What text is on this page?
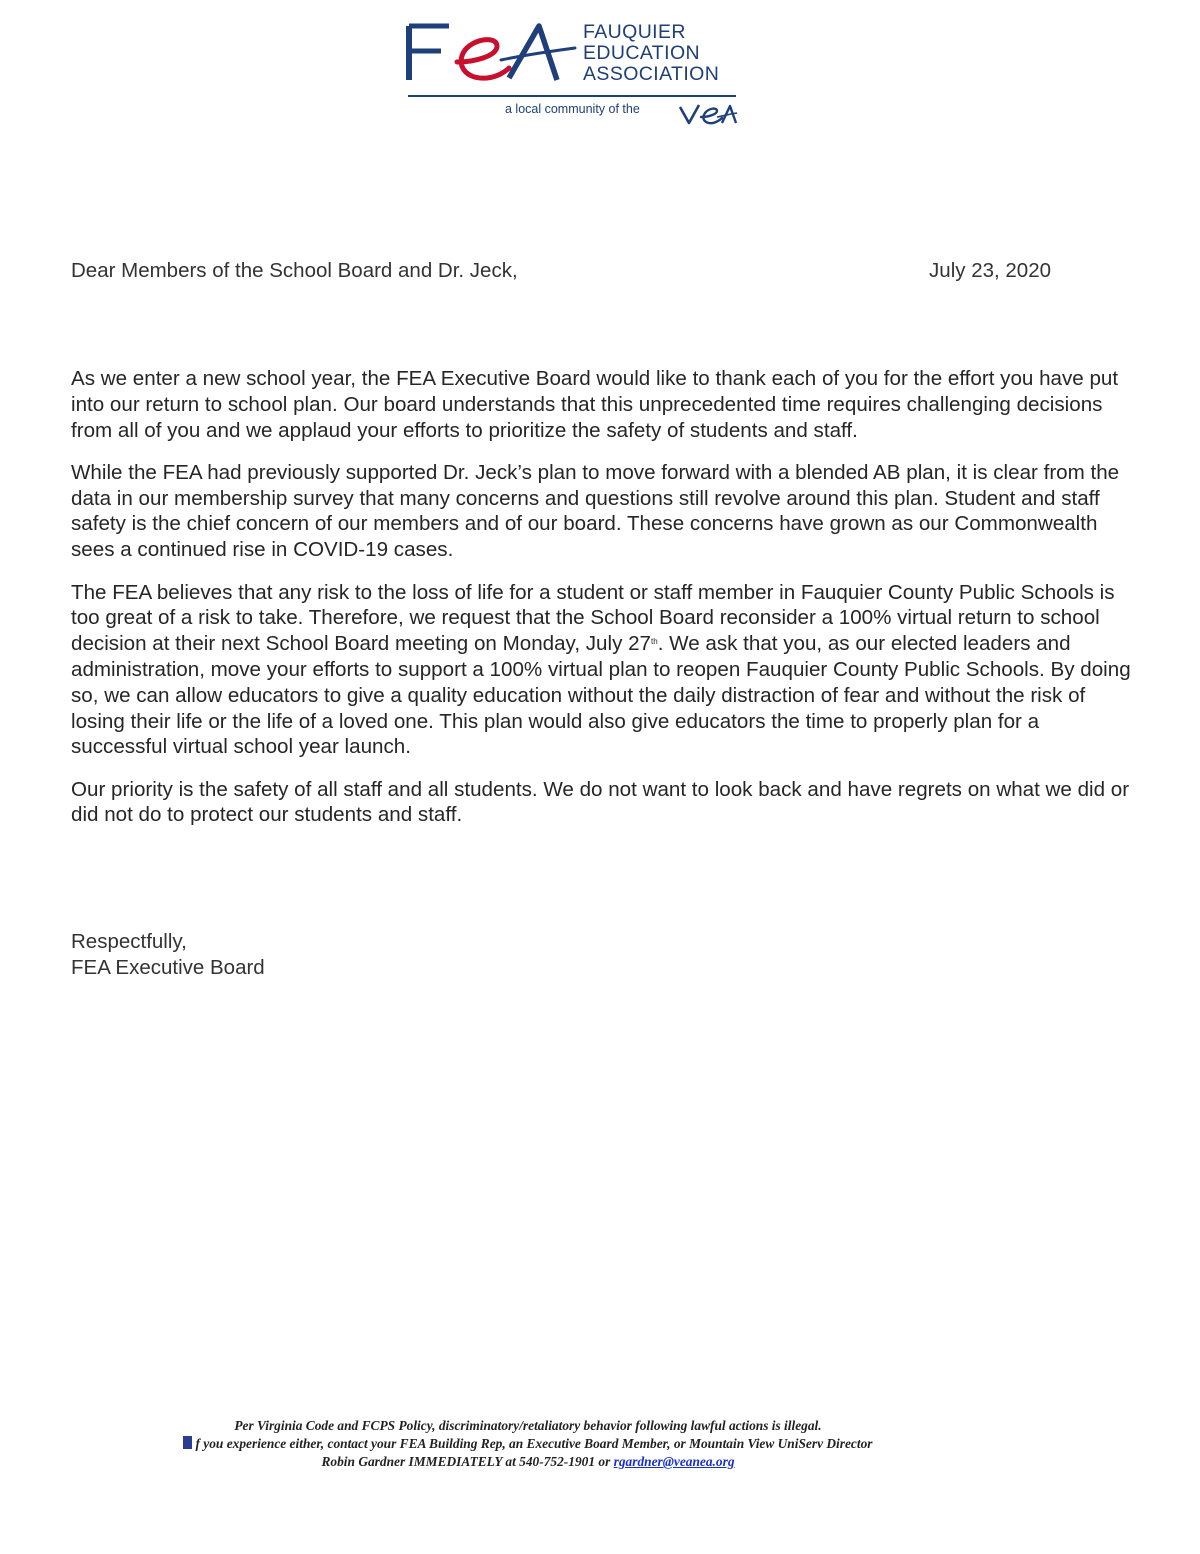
FEA
FAUQUIER
EDUCATION
ASSOCIATION
a local community of the
VEA
Dear Members of the School Board and Dr. Jeck,	July 23, 2020

As we enter a new school year, the FEA Executive Board would like to thank each of you for the effort you have put into our return to school plan. Our board understands that this unprecedented time requires challenging decisions from all of you and we applaud your efforts to prioritize the safety of students and staff.

While the FEA had previously supported Dr. Jeck’s plan to move forward with a blended AB plan, it is clear from the data in our membership survey that many concerns and questions still revolve around this plan. Student and staff safety is the chief concern of our members and of our board. These concerns have grown as our Commonwealth sees a continued rise in COVID-19 cases.

The FEA believes that any risk to the loss of life for a student or staff member in Fauquier County Public Schools is too great of a risk to take. Therefore, we request that the School Board reconsider a 100% virtual return to school decision at their next School Board meeting on Monday, July 27th. We ask that you, as our elected leaders and administration, move your efforts to support a 100% virtual plan to reopen Fauquier County Public Schools. By doing so, we can allow educators to give a quality education without the daily distraction of fear and without the risk of losing their life or the life of a loved one. This plan would also give educators the time to properly plan for a successful virtual school year launch.

Our priority is the safety of all staff and all students. We do not want to look back and have regrets on what we did or did not do to protect our students and staff.

Respectfully,
FEA Executive Board
Per Virginia Code and FCPS Policy, discriminatory/retaliatory behavior following lawful actions is illegal.
f you experience either, contact your FEA Building Rep, an Executive Board Member, or Mountain View UniServ Director
Robin Gardner IMMEDIATELY at 540-752-1901 or rgardner@veanea.org
